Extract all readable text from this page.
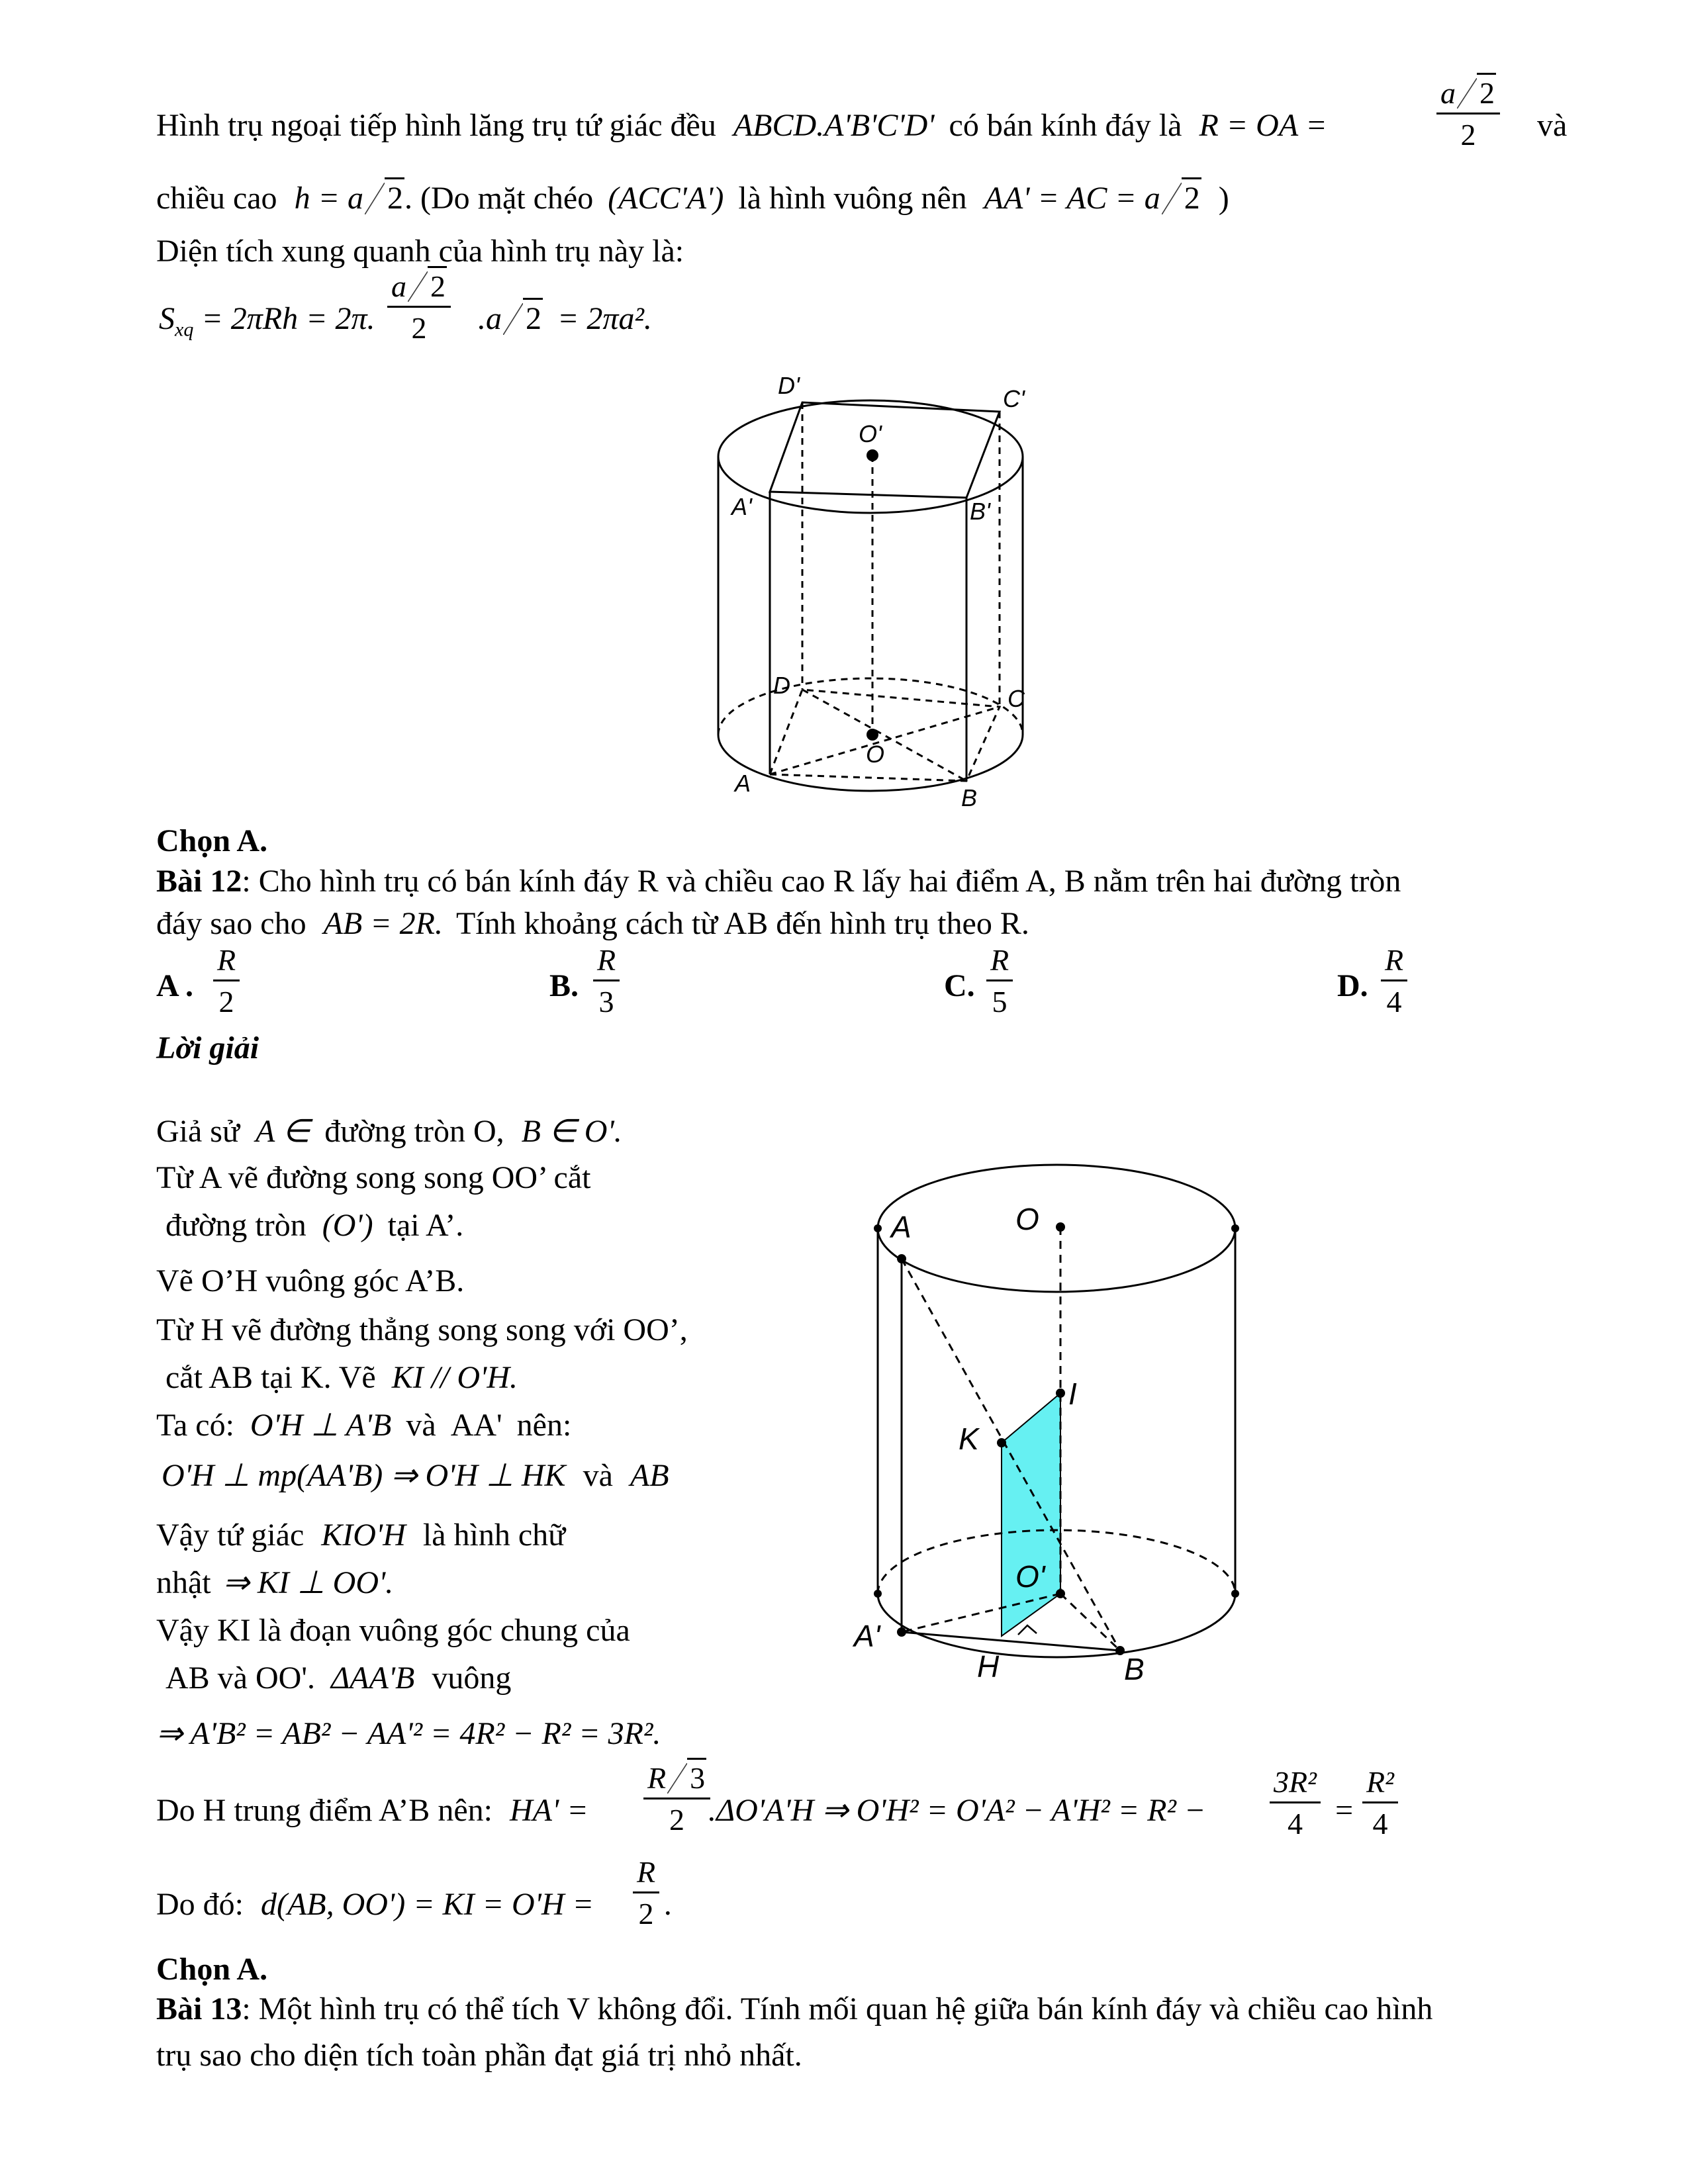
Hình trụ ngoại tiếp hình lăng trụ tứ giác đều ABCD.A'B'C'D' có bán kính đáy là R = OA =	$\frac{a 2}{2}$ và
chiều cao h = a 2. (Do mặt chéo (ACC'A') là hình vuông nên AA' = AC = a 2 )
Diện tích xung quanh của hình trụ này là:
$S_{xq} = 2\pi Rh = 2\pi$. $\frac{a 2}{2} .a$ 2 = 2πa².
D'	C'
O'
A'	B'
D	C
O
A
B
Chọn A.
Bài 12: Cho hình trụ có bán kính đáy R và chiều cao R lấy hai điểm A, B nằm trên hai đường tròn
đáy sao cho AB = 2R. Tính khoảng cách từ AB đến hình trụ theo R.
A . $\frac{R}{2}$	B. $\frac{R}{3}$	C. $\frac{R}{5}$	D. $\frac{R}{4}$
Lời giải
Giả sử A ∈ đường tròn O, B ∈ O'.
Từ A vẽ đường song song OO’ cắt
đường tròn (O') tại A’.
Vẽ O’H vuông góc A’B.
Từ H vẽ đường thẳng song song với OO’,
cắt AB tại K. Vẽ KI // O'H.
Ta có: O'H ⊥ A'B và AA' nên:
O'H ⊥ mp(AA'B) ⇒ O'H ⊥ HK và AB
Vậy tứ giác KIO'H là hình chữ
nhật ⇒ KI ⊥ OO'.
Vậy KI là đoạn vuông góc chung của
AB và OO'. ΔAA'B vuông
⇒ A'B² = AB² − AA'² = 4R² − R² = 3R².
Do H trung điểm A’B nên: $HA' = \frac{R 3}{2}$
.ΔO'A'H ⇒ $O'H^2 = O'A^2 - A'H^2 = R^2 - \frac{\text{3R²}}{4} = \frac{\text{R²}}{4}$
Do đó: d(AB, OO') = KI = $O'H = \frac{R}{2}$ .
Chọn A.
A	O
I
K
O'
A'
H	B
Bài 13: Một hình trụ có thể tích V không đổi. Tính mối quan hệ giữa bán kính đáy và chiều cao hình
trụ sao cho diện tích toàn phần đạt giá trị nhỏ nhất.
